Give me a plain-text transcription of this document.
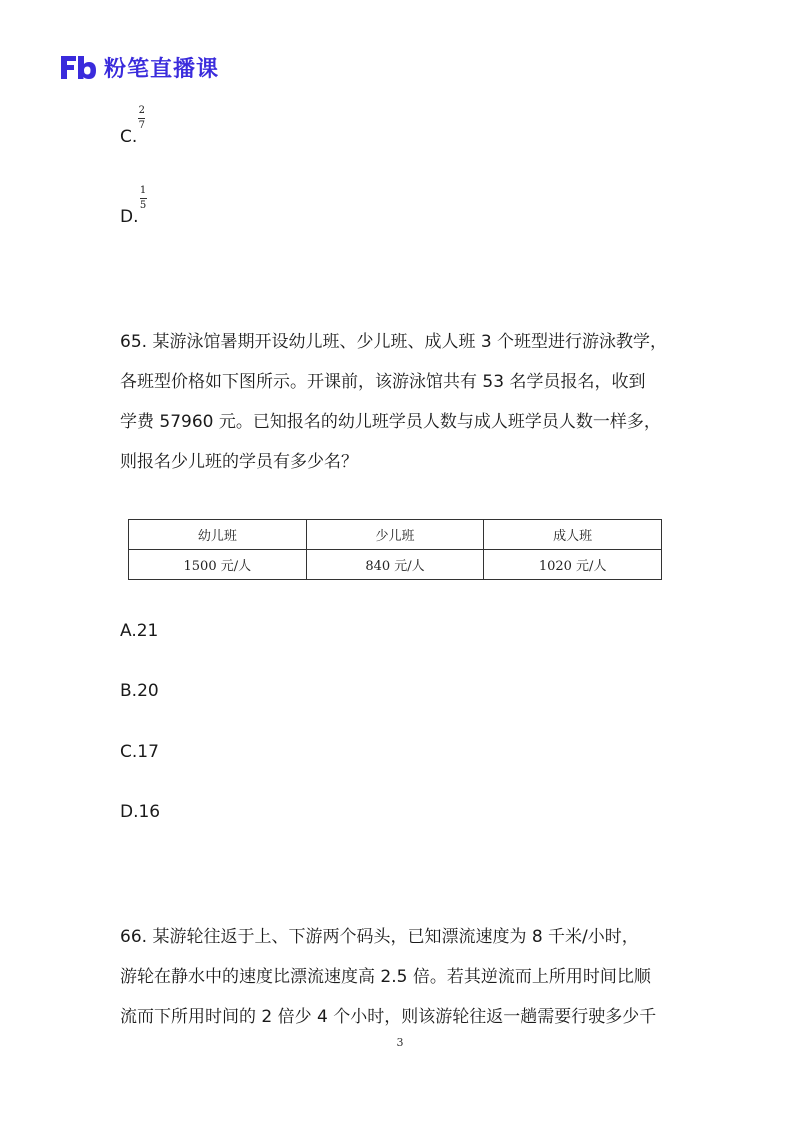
粉笔直播课
C.
$\frac{2}{7}$
D.
$\frac{1}{5}$

65. 某游泳馆暑期开设幼儿班、少儿班、成人班 3 个班型进行游泳教学，

各班型价格如下图所示。开课前，该游泳馆共有 53 名学员报名，收到

学费 57960 元。已知报名的幼儿班学员人数与成人班学员人数一样多，

则报名少儿班的学员有多少名？

幼儿班	少儿班	成人班
1500 元/人	840 元/人	1020 元/人
A.21
B.20
C.17
D.16

66. 某游轮往返于上、下游两个码头，已知漂流速度为 8 千米/小时，

游轮在静水中的速度比漂流速度高 2.5 倍。若其逆流而上所用时间比顺

流而下所用时间的 2 倍少 4 个小时，则该游轮往返一趟需要行驶多少千

3
